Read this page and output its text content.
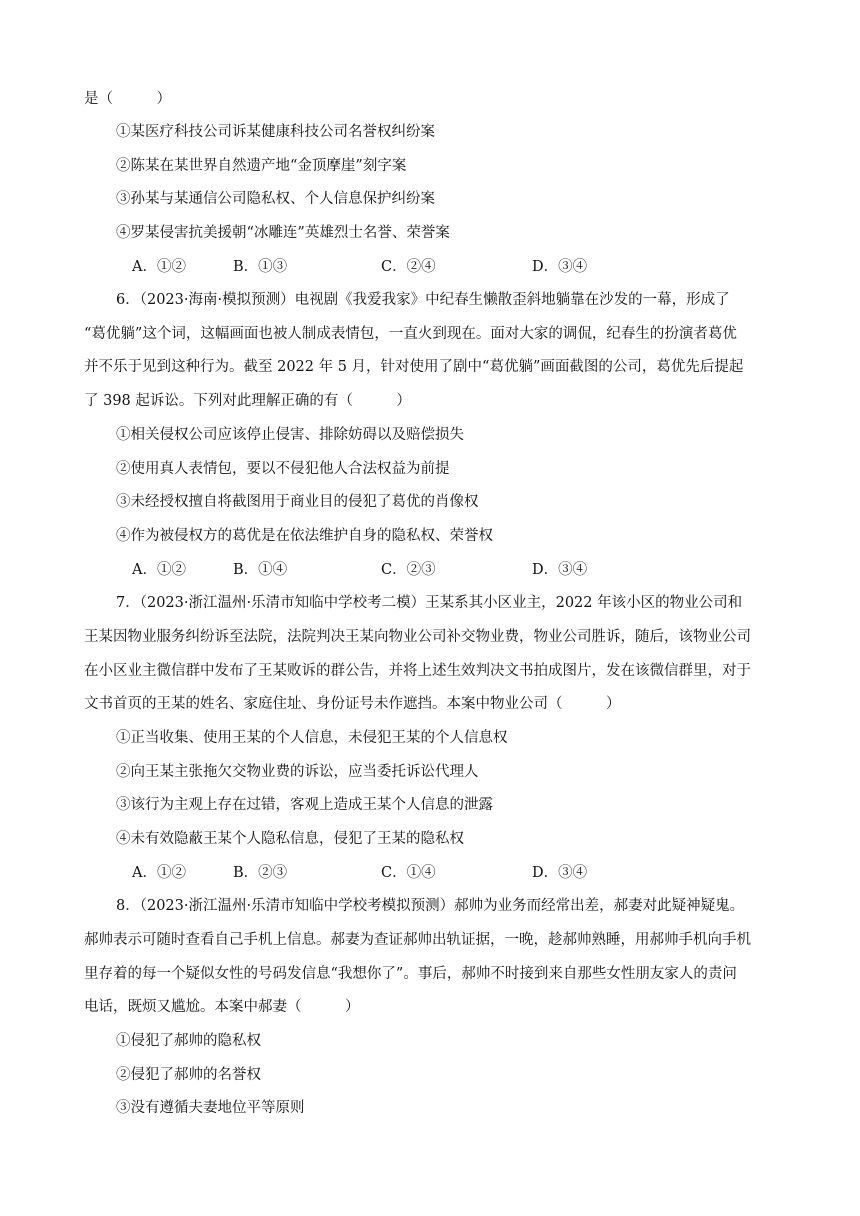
是（　　　）
①某医疗科技公司诉某健康科技公司名誉权纠纷案
②陈某在某世界自然遗产地“金顶摩崖”刻字案
③孙某与某通信公司隐私权、个人信息保护纠纷案
④罗某侵害抗美援朝“冰雕连”英雄烈士名誉、荣誉案
A．①②	B．①③	C．②④	D．③④
6．（2023·海南·模拟预测）电视剧《我爱我家》中纪春生懒散歪斜地躺靠在沙发的一幕，形成了
“葛优躺”这个词，这幅画面也被人制成表情包，一直火到现在。面对大家的调侃，纪春生的扮演者葛优
并不乐于见到这种行为。截至 2022 年 5 月，针对使用了剧中“葛优躺”画面截图的公司，葛优先后提起
了 398 起诉讼。下列对此理解正确的有（　　　）
①相关侵权公司应该停止侵害、排除妨碍以及赔偿损失
②使用真人表情包，要以不侵犯他人合法权益为前提
③未经授权擅自将截图用于商业目的侵犯了葛优的肖像权
④作为被侵权方的葛优是在依法维护自身的隐私权、荣誉权
A．①②	B．①④	C．②③	D．③④
7．（2023·浙江温州·乐清市知临中学校考二模）王某系其小区业主，2022 年该小区的物业公司和
王某因物业服务纠纷诉至法院，法院判决王某向物业公司补交物业费，物业公司胜诉，随后，该物业公司
在小区业主微信群中发布了王某败诉的群公告，并将上述生效判决文书拍成图片，发在该微信群里，对于
文书首页的王某的姓名、家庭住址、身份证号未作遮挡。本案中物业公司（　　　）
①正当收集、使用王某的个人信息，未侵犯王某的个人信息权
②向王某主张拖欠交物业费的诉讼，应当委托诉讼代理人
③该行为主观上存在过错，客观上造成王某个人信息的泄露
④未有效隐蔽王某个人隐私信息，侵犯了王某的隐私权
A．①②	B．②③	C．①④	D．③④
8．（2023·浙江温州·乐清市知临中学校考模拟预测）郝帅为业务而经常出差，郝妻对此疑神疑鬼。
郝帅表示可随时查看自己手机上信息。郝妻为查证郝帅出轨证据，一晚，趁郝帅熟睡，用郝帅手机向手机
里存着的每一个疑似女性的号码发信息“我想你了”。事后，郝帅不时接到来自那些女性朋友家人的责问
电话，既烦又尴尬。本案中郝妻（　　　）
①侵犯了郝帅的隐私权
②侵犯了郝帅的名誉权
③没有遵循夫妻地位平等原则
